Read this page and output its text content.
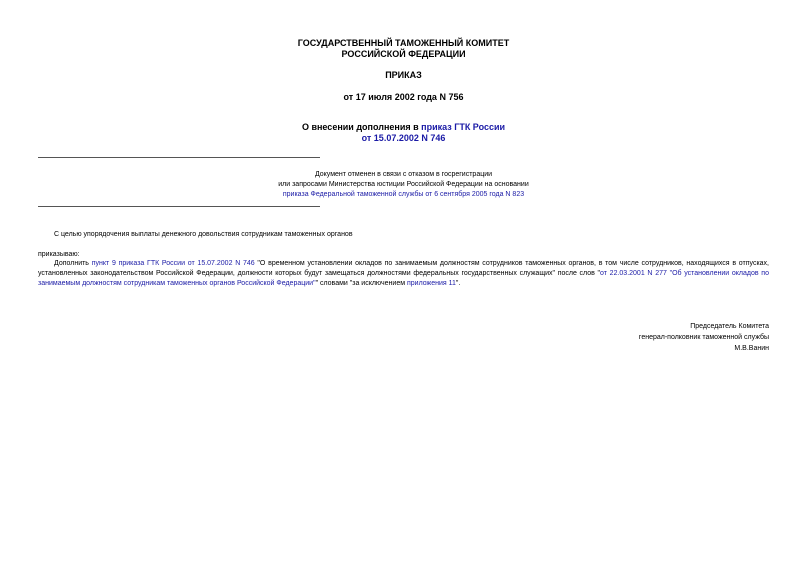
ГОСУДАРСТВЕННЫЙ ТАМОЖЕННЫЙ КОМИТЕТ
РОССИЙСКОЙ ФЕДЕРАЦИИ
ПРИКАЗ
от 17 июля 2002 года N 756
О внесении дополнения в приказ ГТК России
от 15.07.2002 N 746
Документ отменен в связи с отказом в госрегистрации
или запросами Министерства юстиции Российской Федерации на основании
приказа Федеральной таможенной службы от 6 сентября 2005 года N 823
С целью упорядочения выплаты денежного довольствия сотрудникам таможенных органов
приказываю:
Дополнить пункт 9 приказа ГТК России от 15.07.2002 N 746 "О временном установлении окладов по занимаемым должностям сотрудников таможенных органов, в том числе сотрудников, находящихся в отпусках, установленных законодательством Российской Федерации, должности которых будут замещаться должностями федеральных государственных служащих" после слов "от 22.03.2001 N 277 "Об установлении окладов по занимаемым должностям сотрудникам таможенных органов Российской Федерации"" словами "за исключением приложения 11".
Председатель Комитета
генерал-полковник таможенной службы
М.В.Ванин
